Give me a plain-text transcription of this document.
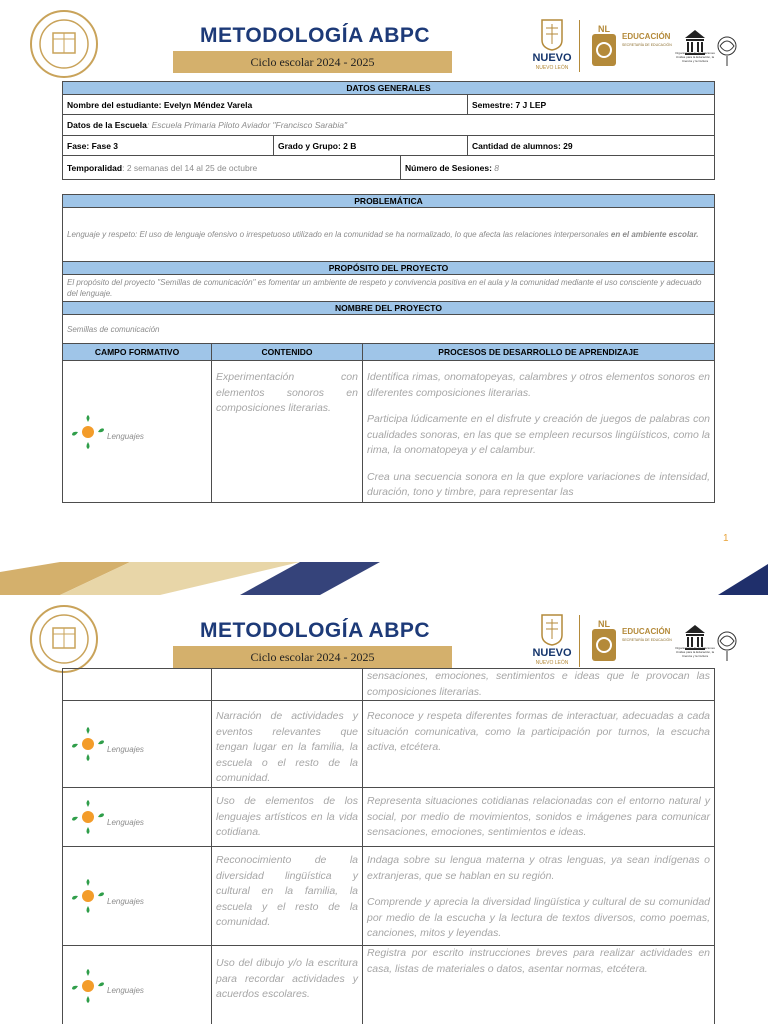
METODOLOGÍA ABPC
Ciclo escolar 2024 - 2025	NUEVO
NUEVO LEÓN
NL
EDUCACIÓN
SECRETARÍA DE EDUCACIÓN
Organización de las Naciones Unidas para la Educación, la Ciencia y la Cultura
DATOS GENERALES			
Nombre del estudiante: Evelyn Méndez Varela			Semestre: 7 J LEP
Datos de la Escuela: Escuela Primaria Piloto Aviador "Francisco Sarabia"			
Fase: Fase 3	Grado y Grupo: 2 B		Cantidad de alumnos: 29
Temporalidad: 2 semanas del 14 al 25 de octubre		Número de Sesiones: 8	
PROBLEMÁTICA		
Lenguaje y respeto: El uso de lenguaje ofensivo o irrespetuoso utilizado en la comunidad se ha normalizado, lo que afecta las relaciones interpersonales en el ambiente escolar.		
PROPÓSITO DEL PROYECTO		
El propósito del proyecto "Semillas de comunicación" es fomentar un ambiente de respeto y convivencia positiva en el aula y la comunidad mediante el uso consciente y adecuado del lenguaje.		
NOMBRE DEL PROYECTO		
Semillas de comunicación		
CAMPO FORMATIVO	CONTENIDO	PROCESOS DE DESARROLLO DE APRENDIZAJE
Lenguajes	Experimentación con elementos sonoros en composiciones literarias.	Identifica rimas, onomatopeyas, calambres y otros elementos sonoros en diferentes composiciones literarias.

Participa lúdicamente en el disfrute y creación de juegos de palabras con cualidades sonoras, en las que se empleen recursos lingüísticos, como la rima, la onomatopeya y el calambur.

Crea una secuencia sonora en la que explore variaciones de intensidad, duración, tono y timbre, para representar las

1
METODOLOGÍA ABPC
Ciclo escolar 2024 - 2025	NUEVO
NUEVO LEÓN
NL
EDUCACIÓN
SECRETARÍA DE EDUCACIÓN
Organización de las Naciones Unidas para la Educación, la Ciencia y la Cultura
		sensaciones, emociones, sentimientos e ideas que le provocan las composiciones literarias.
Lenguajes	Narración de actividades y eventos relevantes que tengan lugar en la familia, la escuela o el resto de la comunidad.	Reconoce y respeta diferentes formas de interactuar, adecuadas a cada situación comunicativa, como la participación por turnos, la escucha activa, etcétera.
Lenguajes	Uso de elementos de los lenguajes artísticos en la vida cotidiana.	Representa situaciones cotidianas relacionadas con el entorno natural y social, por medio de movimientos, sonidos e imágenes para comunicar sensaciones, emociones, sentimientos e ideas.
Lenguajes	Reconocimiento de la diversidad lingüística y cultural en la familia, la escuela y el resto de la comunidad.	Indaga sobre su lengua materna y otras lenguas, ya sean indígenas o extranjeras, que se hablan en su región.

Comprende y aprecia la diversidad lingüística y cultural de su comunidad por medio de la escucha y la lectura de textos diversos, como poemas, canciones, mitos y leyendas.

Lenguajes	Uso del dibujo y/o la escritura para recordar actividades y acuerdos escolares.	Registra por escrito instrucciones breves para realizar actividades en casa, listas de materiales o datos, asentar normas, etcétera.
